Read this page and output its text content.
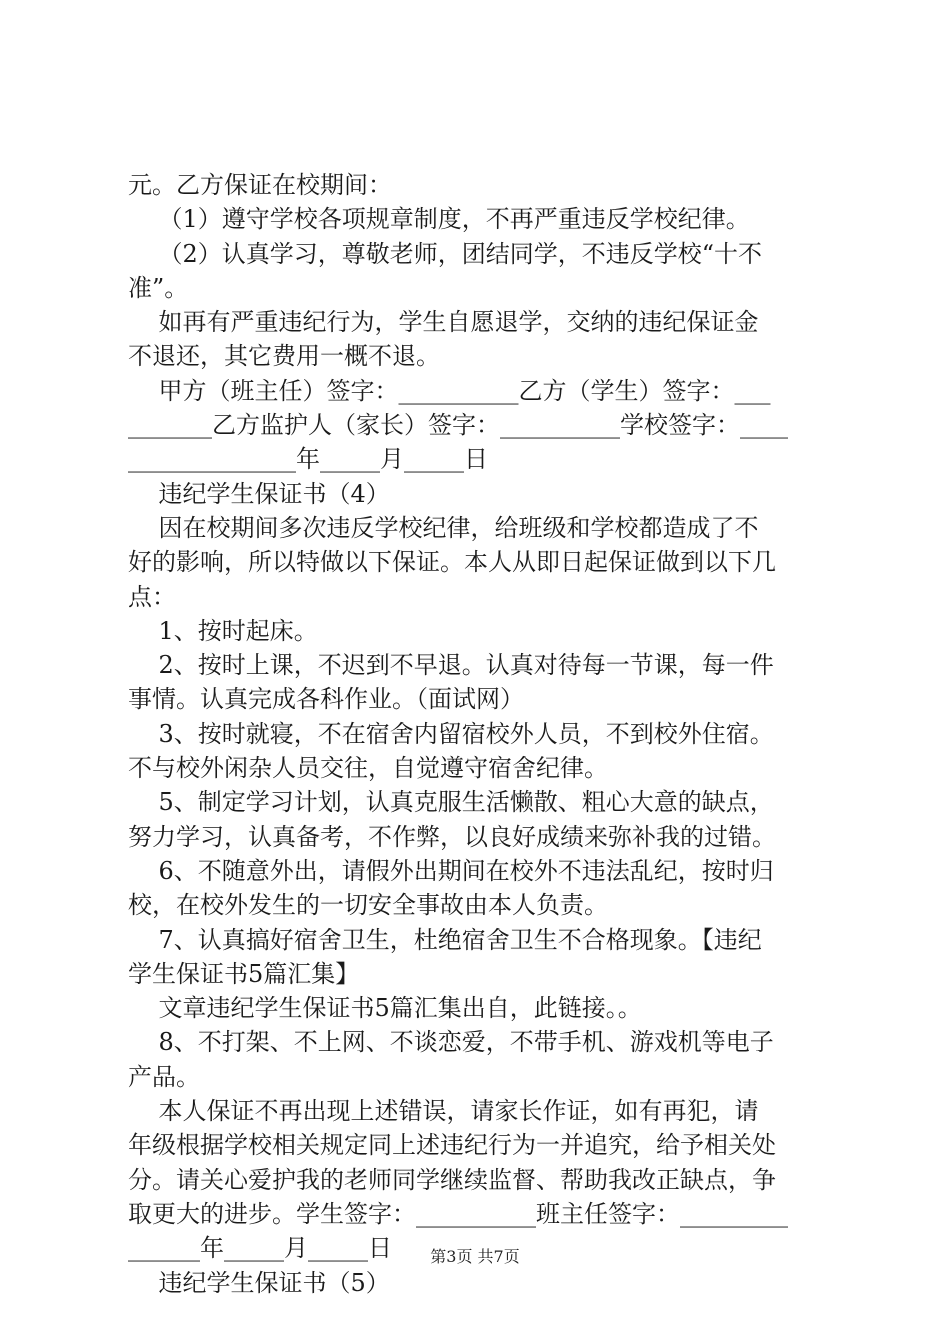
元。乙方保证在校期间：
（1）遵守学校各项规章制度，不再严重违反学校纪律。
（2）认真学习，尊敬老师，团结同学，不违反学校“十不
准”。
如再有严重违纪行为，学生自愿退学，交纳的违纪保证金
不退还，其它费用一概不退。
甲方（班主任）签字：__________乙方（学生）签字：___
_______乙方监护人（家长）签字：__________学校签字：____
______________年_____月_____日
违纪学生保证书（4）
因在校期间多次违反学校纪律，给班级和学校都造成了不
好的影响，所以特做以下保证。本人从即日起保证做到以下几
点：
1、按时起床。
2、按时上课，不迟到不早退。认真对待每一节课，每一件
事情。认真完成各科作业。（面试网）
3、按时就寝，不在宿舍内留宿校外人员，不到校外住宿。
不与校外闲杂人员交往，自觉遵守宿舍纪律。
5、制定学习计划，认真克服生活懒散、粗心大意的缺点，
努力学习，认真备考，不作弊，以良好成绩来弥补我的过错。
6、不随意外出，请假外出期间在校外不违法乱纪，按时归
校，在校外发生的一切安全事故由本人负责。
7、认真搞好宿舍卫生，杜绝宿舍卫生不合格现象。【违纪
学生保证书5篇汇集】
文章违纪学生保证书5篇汇集出自，此链接。。
8、不打架、不上网、不谈恋爱，不带手机、游戏机等电子
产品。
本人保证不再出现上述错误，请家长作证，如有再犯，请
年级根据学校相关规定同上述违纪行为一并追究，给予相关处
分。请关心爱护我的老师同学继续监督、帮助我改正缺点，争
取更大的进步。学生签字：__________班主任签字：_________
______年_____月_____日
违纪学生保证书（5）
第3页 共7页
